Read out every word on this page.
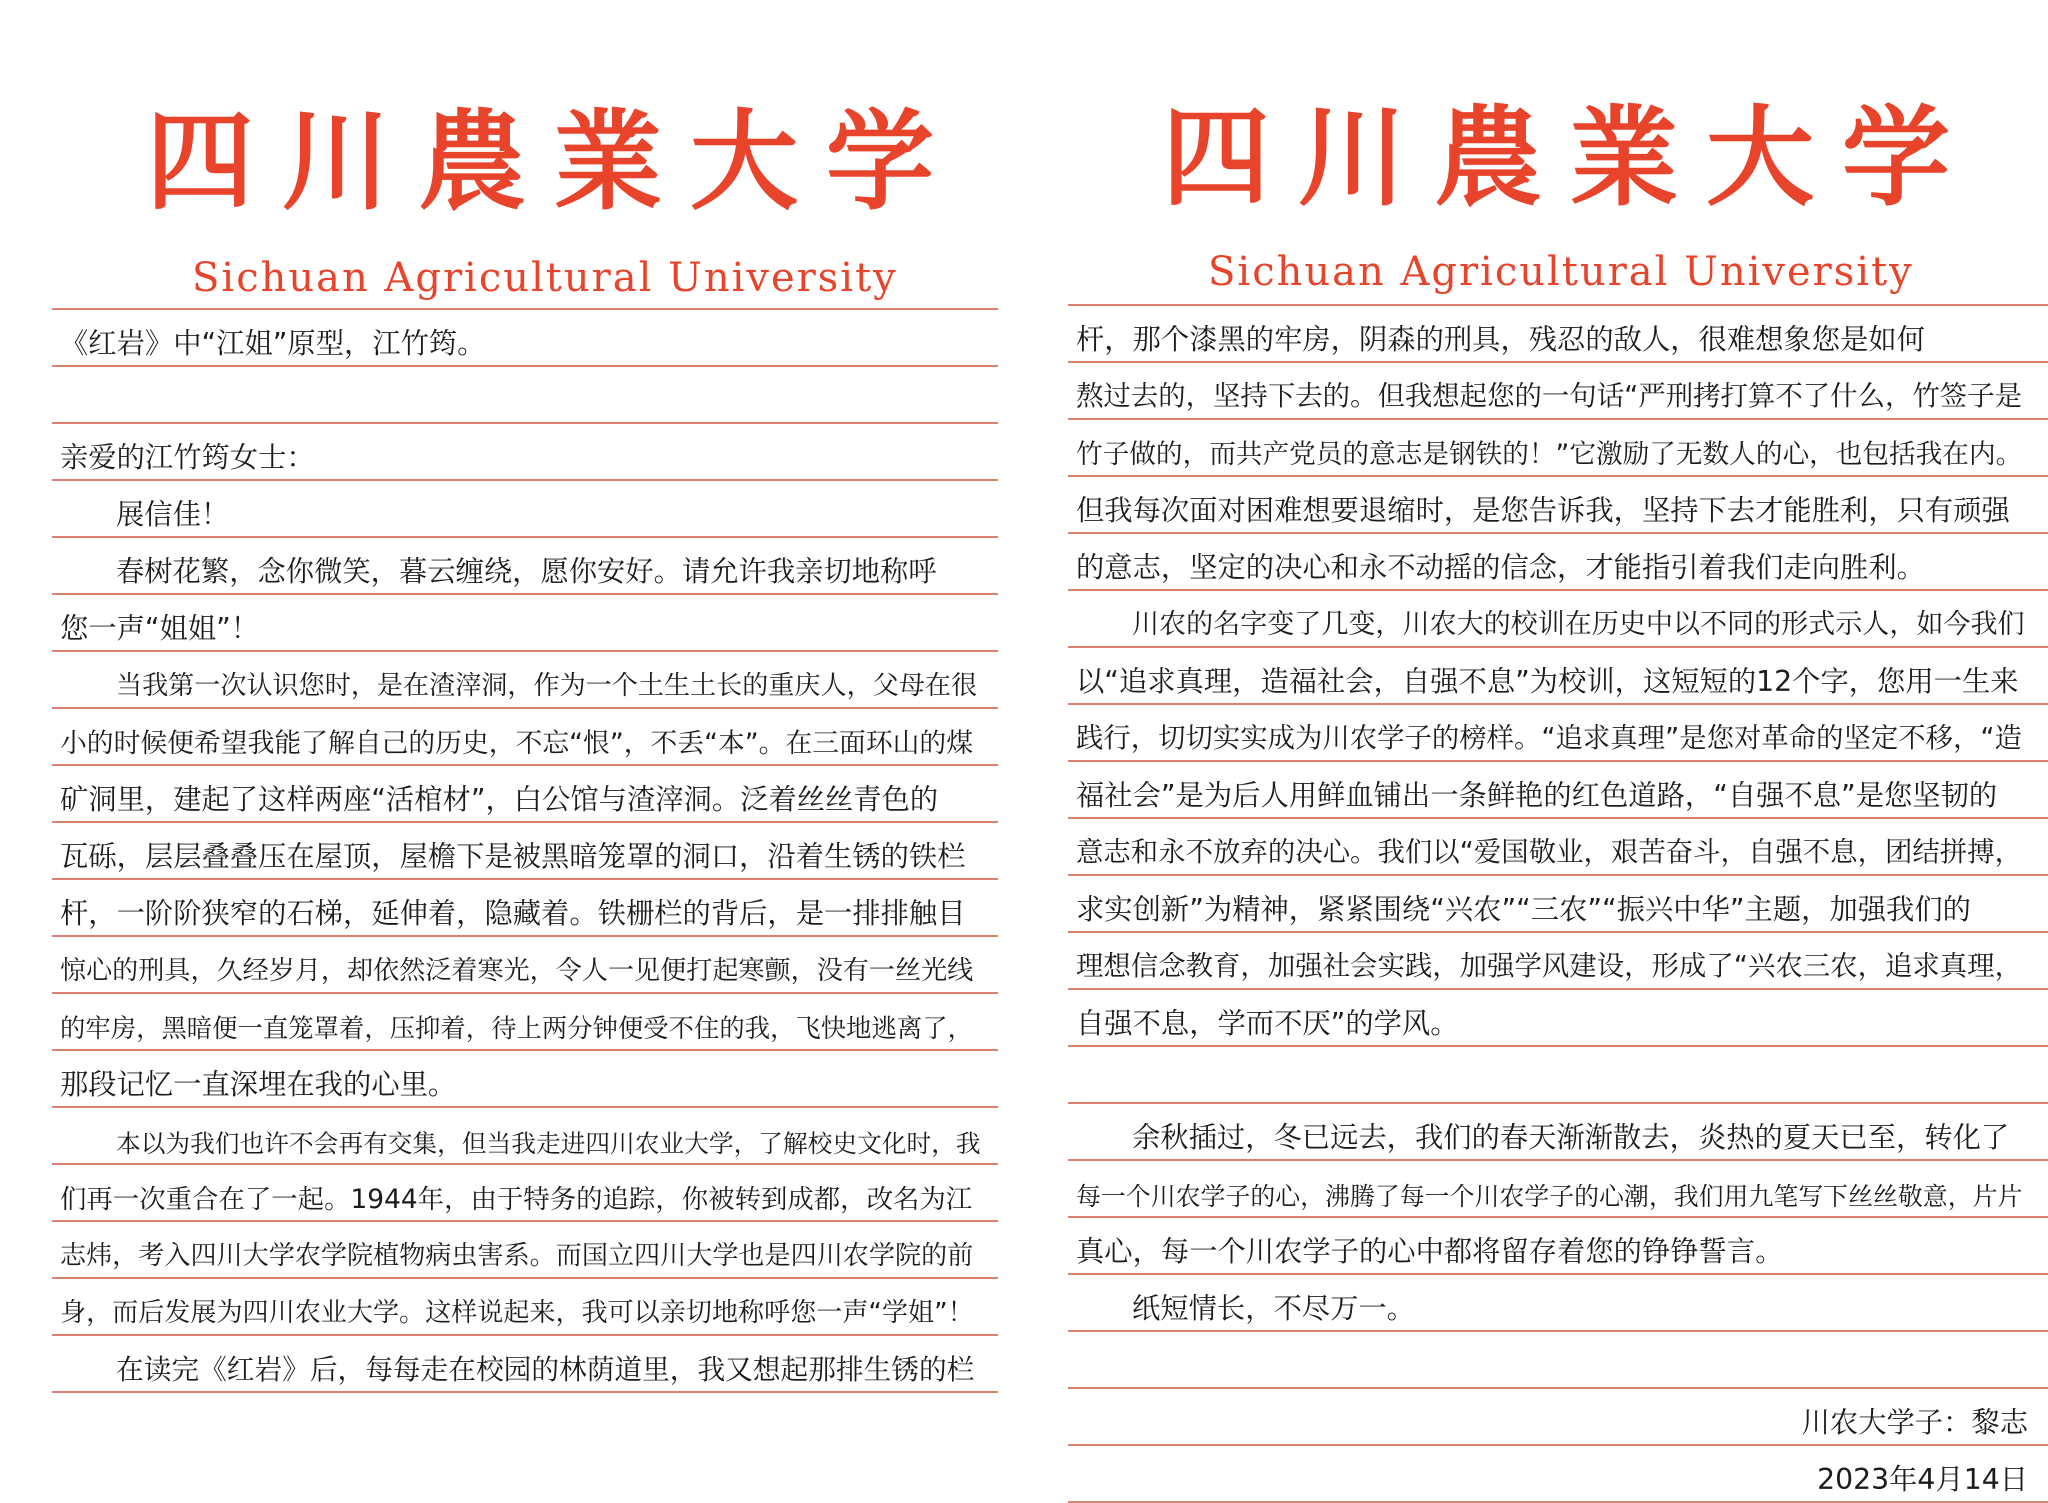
四川農業大学
Sichuan Agricultural University
《红岩》中“江姐”原型，江竹筠。
亲爱的江竹筠女士：
展信佳！
春树花繁，念你微笑，暮云缠绕，愿你安好。请允许我亲切地称呼
您一声“姐姐”！
当我第一次认识您时，是在渣滓洞，作为一个土生土长的重庆人，父母在很
小的时候便希望我能了解自己的历史，不忘“恨”，不丢“本”。在三面环山的煤
矿洞里，建起了这样两座“活棺材”，白公馆与渣滓洞。泛着丝丝青色的
瓦砾，层层叠叠压在屋顶，屋檐下是被黑暗笼罩的洞口，沿着生锈的铁栏
杆，一阶阶狭窄的石梯，延伸着，隐藏着。铁栅栏的背后，是一排排触目
惊心的刑具，久经岁月，却依然泛着寒光，令人一见便打起寒颤，没有一丝光线
的牢房，黑暗便一直笼罩着，压抑着，待上两分钟便受不住的我，飞快地逃离了，
那段记忆一直深埋在我的心里。
本以为我们也许不会再有交集，但当我走进四川农业大学，了解校史文化时，我
们再一次重合在了一起。1944年，由于特务的追踪，你被转到成都，改名为江
志炜，考入四川大学农学院植物病虫害系。而国立四川大学也是四川农学院的前
身，而后发展为四川农业大学。这样说起来，我可以亲切地称呼您一声“学姐”！
在读完《红岩》后，每每走在校园的林荫道里，我又想起那排生锈的栏
四川農業大学
Sichuan Agricultural University
杆，那个漆黑的牢房，阴森的刑具，残忍的敌人，很难想象您是如何
熬过去的，坚持下去的。但我想起您的一句话“严刑拷打算不了什么，竹签子是
竹子做的，而共产党员的意志是钢铁的！”它激励了无数人的心，也包括我在内。
但我每次面对困难想要退缩时，是您告诉我，坚持下去才能胜利，只有顽强
的意志，坚定的决心和永不动摇的信念，才能指引着我们走向胜利。
川农的名字变了几变，川农大的校训在历史中以不同的形式示人，如今我们
以“追求真理，造福社会，自强不息”为校训，这短短的12个字，您用一生来
践行，切切实实成为川农学子的榜样。“追求真理”是您对革命的坚定不移，“造
福社会”是为后人用鲜血铺出一条鲜艳的红色道路，“自强不息”是您坚韧的
意志和永不放弃的决心。我们以“爱国敬业，艰苦奋斗，自强不息，团结拼搏，
求实创新”为精神，紧紧围绕“兴农”“三农”“振兴中华”主题，加强我们的
理想信念教育，加强社会实践，加强学风建设，形成了“兴农三农，追求真理，
自强不息，学而不厌”的学风。
余秋插过，冬已远去，我们的春天渐渐散去，炎热的夏天已至，转化了
每一个川农学子的心，沸腾了每一个川农学子的心潮，我们用九笔写下丝丝敬意，片片
真心，每一个川农学子的心中都将留存着您的铮铮誓言。
纸短情长，不尽万一。
川农大学子：黎志
2023年4月14日
